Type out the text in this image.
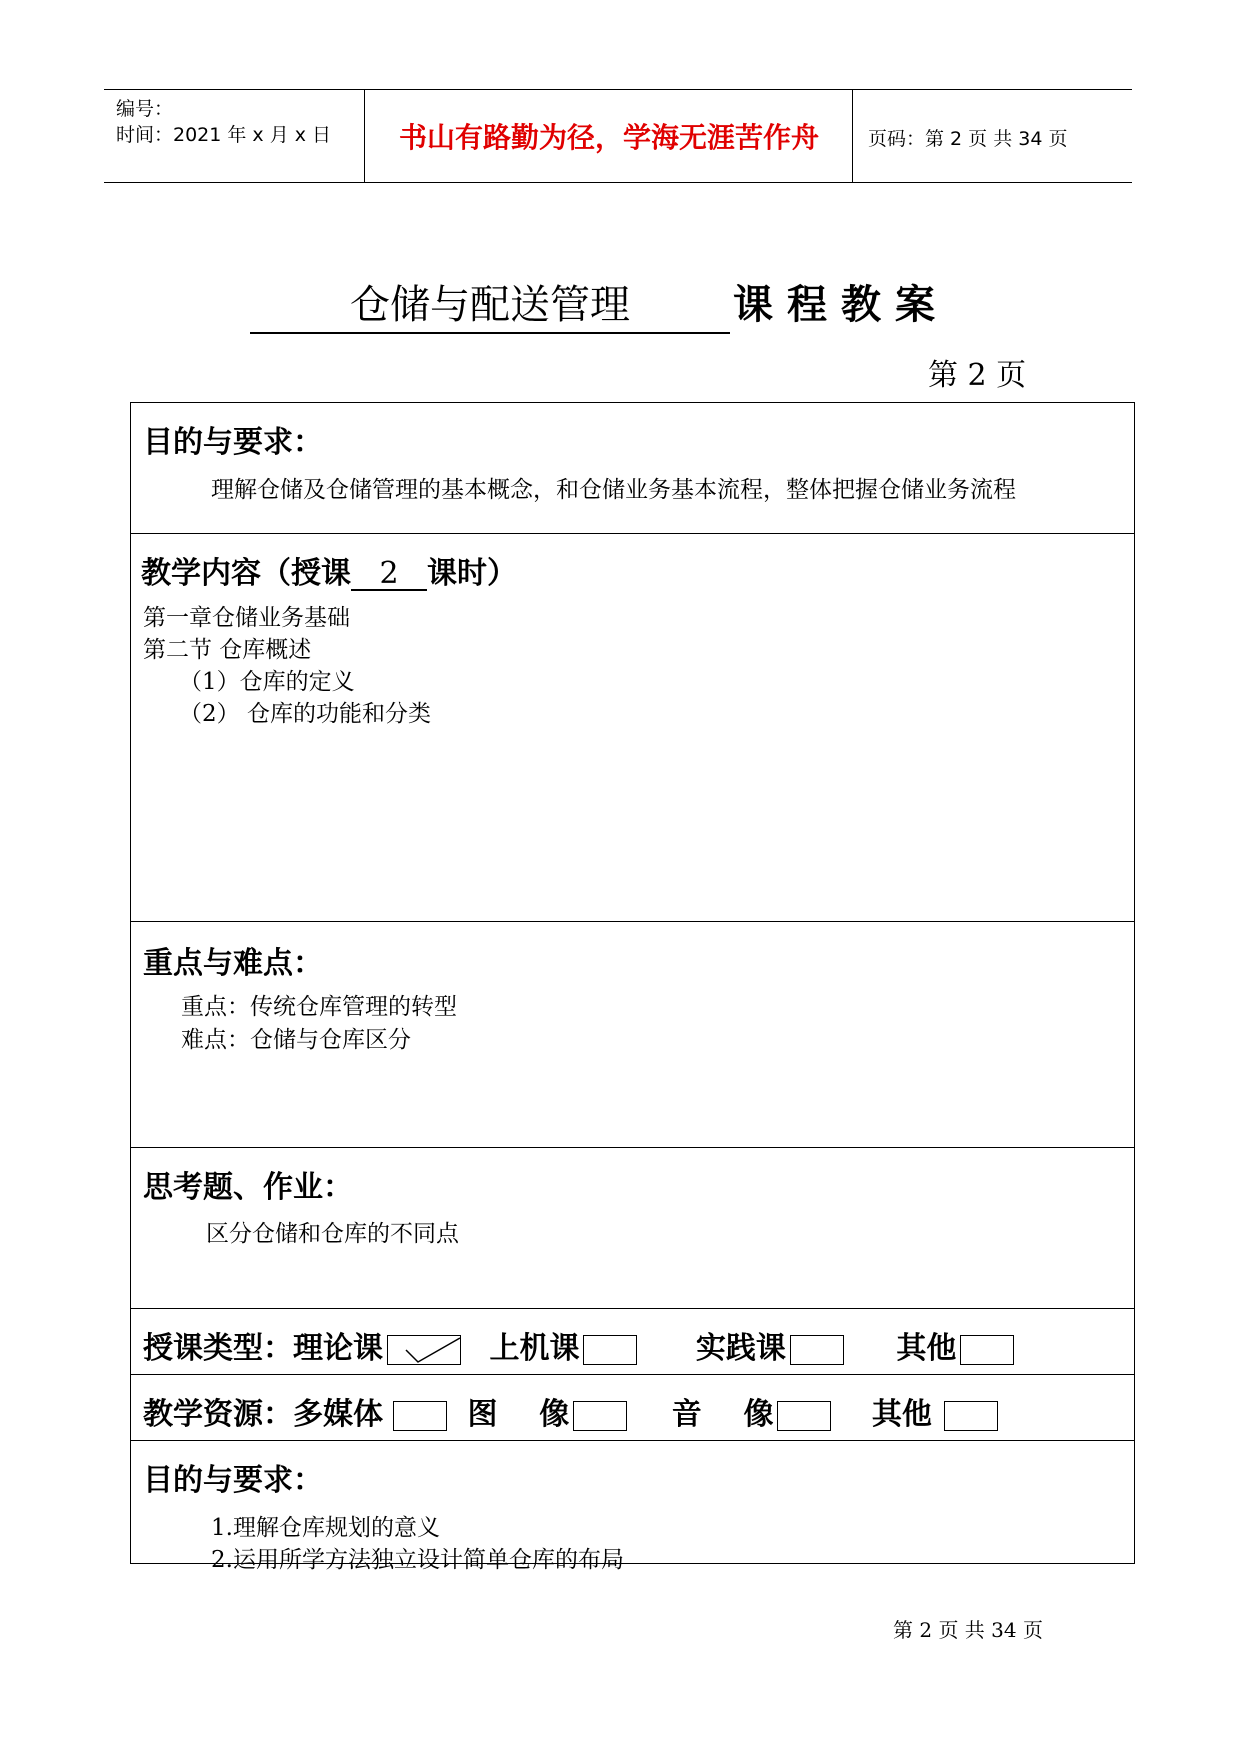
编号：
时间：2021 年 x 月 x 日	书山有路勤为径，学海无涯苦作舟	页码：第 2 页 共 34 页
仓储与配送管理	课程教案
第 2 页
目的与要求：
理解仓储及仓储管理的基本概念，和仓储业务基本流程，整体把握仓储业务流程
教学内容（授课 2 课时）
第一章仓储业务基础
第二节 仓库概述
（1）仓库的定义
（2） 仓库的功能和分类
重点与难点：
重点：传统仓库管理的转型
难点：仓储与仓库区分
思考题、作业：
区分仓储和仓库的不同点
授课类型：理论课	上机课	实践课	其他
教学资源：多媒体	图    像	音    像	其他
目的与要求：
1.理解仓库规划的意义
2.运用所学方法独立设计简单仓库的布局
第 2 页 共 34 页
